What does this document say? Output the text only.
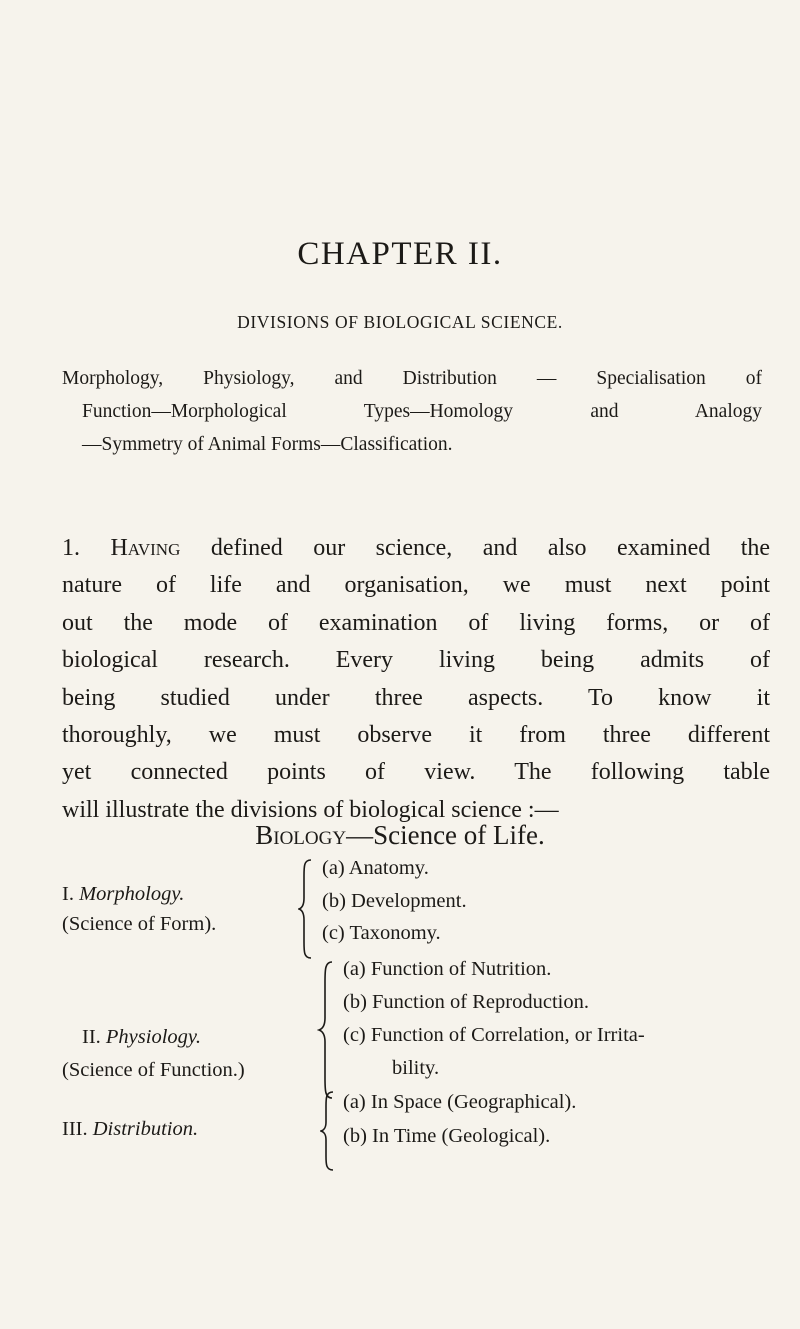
CHAPTER II.
DIVISIONS OF BIOLOGICAL SCIENCE.
Morphology, Physiology, and Distribution — Specialisation of
Function—Morphological Types—Homology and Analogy
—Symmetry of Animal Forms—Classification.
1. Having defined our science, and also examined the
nature of life and organisation, we must next point
out the mode of examination of living forms, or of
biological research. Every living being admits of
being studied under three aspects. To know it
thoroughly, we must observe it from three different
yet connected points of view. The following table
will illustrate the divisions of biological science :—
Biology—Science of Life.
I. Morphology.
(Science of Form).
(a) Anatomy.
(b) Development.
(c) Taxonomy.
II. Physiology.
(Science of Function.)
(a) Function of Nutrition.
(b) Function of Reproduction.
(c) Function of Correlation, or Irrita-
bility.
III. Distribution.
(a) In Space (Geographical).
(b) In Time (Geological).
